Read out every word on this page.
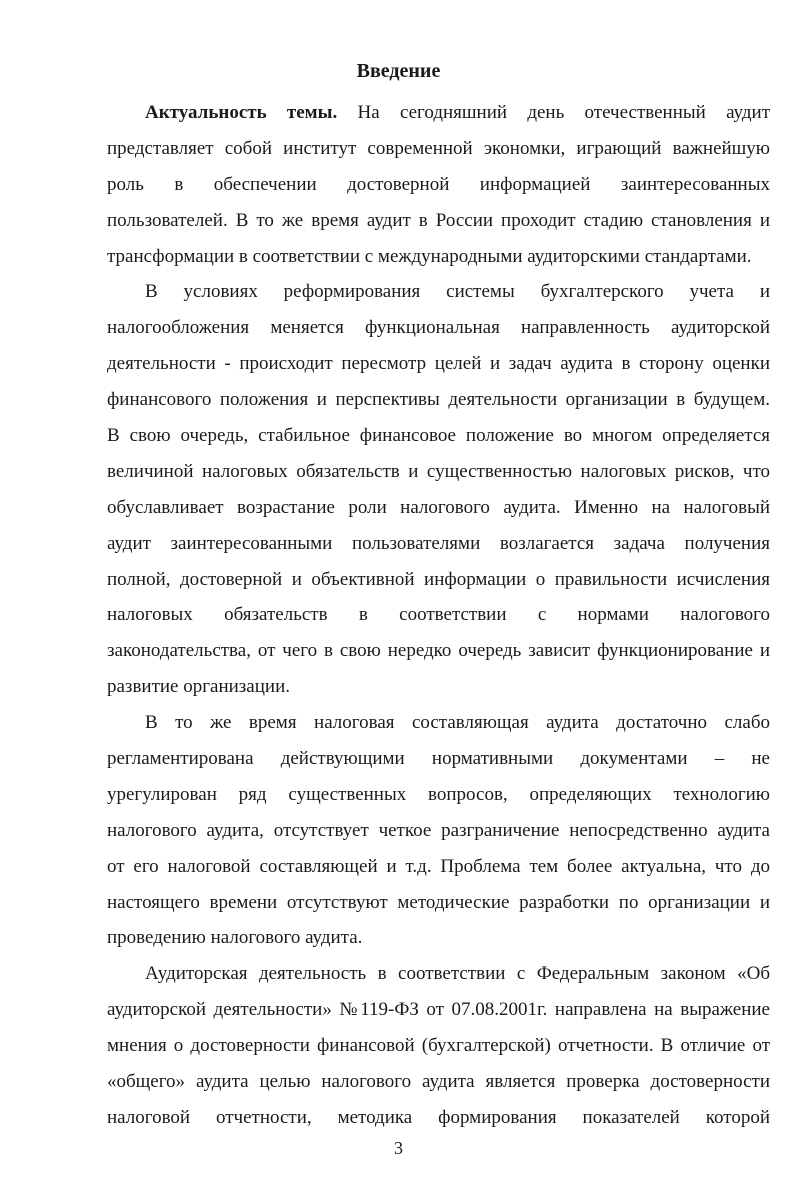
Введение
Актуальность темы. На сегодняшний день отечественный аудит
представляет собой институт современной экономки, играющий важнейшую
роль в обеспечении достоверной информацией заинтересованных
пользователей. В то же время аудит в России проходит стадию становления и
трансформации в соответствии с международными аудиторскими стандартами.
В условиях реформирования системы бухгалтерского учета и
налогообложения меняется функциональная направленность аудиторской
деятельности - происходит пересмотр целей и задач аудита в сторону оценки
финансового положения и перспективы деятельности организации в будущем.
В свою очередь, стабильное финансовое положение во многом определяется
величиной налоговых обязательств и существенностью налоговых рисков, что
обуславливает возрастание роли налогового аудита. Именно на налоговый
аудит заинтересованными пользователями возлагается задача получения
полной, достоверной и объективной информации о правильности исчисления
налоговых обязательств в соответствии с нормами налогового
законодательства, от чего в свою нередко очередь зависит функционирование и
развитие организации.
В то же время налоговая составляющая аудита достаточно слабо
регламентирована действующими нормативными документами – не
урегулирован ряд существенных вопросов, определяющих технологию
налогового аудита, отсутствует четкое разграничение непосредственно аудита
от его налоговой составляющей и т.д. Проблема тем более актуальна, что до
настоящего времени отсутствуют методические разработки по организации и
проведению налогового аудита.
Аудиторская деятельность в соответствии с Федеральным законом «Об
аудиторской деятельности» №119-ФЗ от 07.08.2001г. направлена на выражение
мнения о достоверности финансовой (бухгалтерской) отчетности. В отличие от
«общего» аудита целью налогового аудита является проверка достоверности
налоговой отчетности, методика формирования показателей которой
3
